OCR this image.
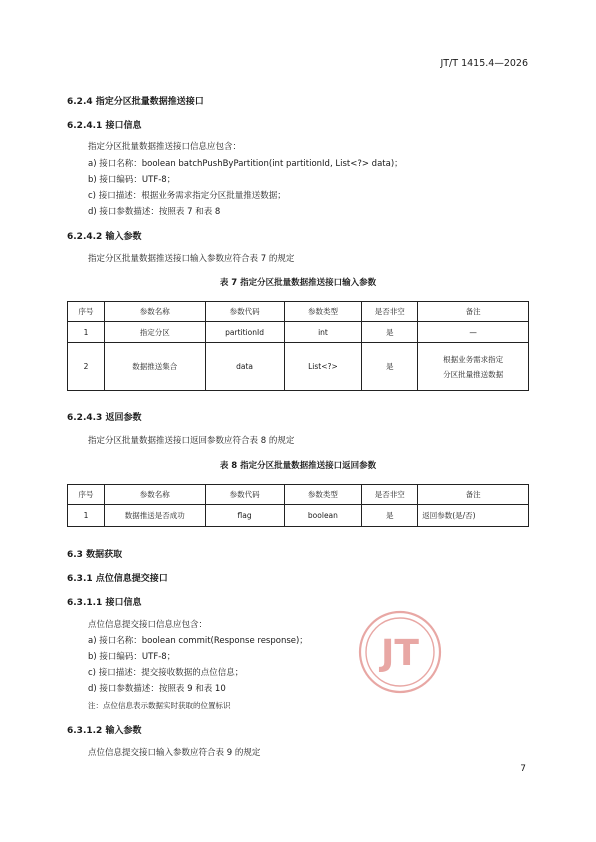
JT/T 1415.4—2026
6.2.4 指定分区批量数据推送接口
6.2.4.1 接口信息
指定分区批量数据推送接口信息应包含：
a) 接口名称：boolean batchPushByPartition(int partitionId, List<?> data)；
b) 接口编码：UTF-8；
c) 接口描述：根据业务需求指定分区批量推送数据；
d) 接口参数描述：按照表 7 和表 8
6.2.4.2 输入参数
指定分区批量数据推送接口输入参数应符合表 7 的规定
表 7 指定分区批量数据推送接口输入参数
序号	参数名称	参数代码	参数类型	是否非空	备注
1	指定分区	partitionId	int	是	—
2	数据推送集合	data	List<?>	是	根据业务需求指定
分区批量推送数据
6.2.4.3 返回参数
指定分区批量数据推送接口返回参数应符合表 8 的规定
表 8 指定分区批量数据推送接口返回参数
序号	参数名称	参数代码	参数类型	是否非空	备注
1	数据推送是否成功	flag	boolean	是	返回参数(是/否)
6.3 数据获取
6.3.1 点位信息提交接口
6.3.1.1 接口信息
点位信息提交接口信息应包含：
a) 接口名称：boolean commit(Response response)；
b) 接口编码：UTF-8；
c) 接口描述：提交接收数据的点位信息；
d) 接口参数描述：按照表 9 和表 10
注：点位信息表示数据实时获取的位置标识
6.3.1.2 输入参数
点位信息提交接口输入参数应符合表 9 的规定
JT
7
